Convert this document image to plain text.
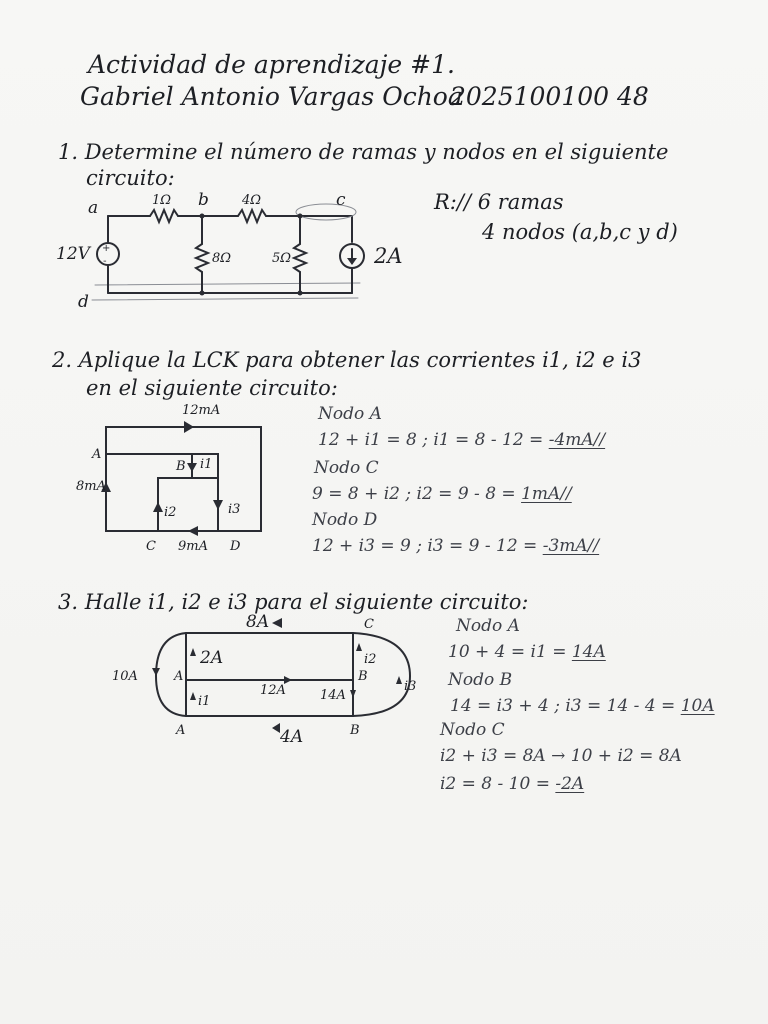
Actividad de aprendizaje #1.
Gabriel Antonio Vargas Ochoa
2025100100 48
1. Determine el número de ramas y nodos en el siguiente
circuito:
+
-
a	b	c
d
1Ω	4Ω
8Ω	5Ω
12V	2A
R:// 6 ramas
4 nodos (a,b,c y d)
2. Aplique la LCK para obtener las corrientes i1, i2 e i3
en el siguiente circuito:
12mA
8mA
9mA
i1
i2	i3
A
B
C	D
Nodo A
12 + i1 = 8 ; i1 = 8 - 12 = -4mA//
Nodo C
9 = 8 + i2 ; i2 = 9 - 8 = 1mA//
Nodo D
12 + i3 = 9 ; i3 = 9 - 12 = -3mA//
3. Halle i1, i2 e i3 para el siguiente circuito:
8A
10A
2A
12A	14A
4A
i1
i2
i3
A	B
C
A	B
Nodo A
10 + 4 = i1 = 14A
Nodo B
14 = i3 + 4 ; i3 = 14 - 4 = 10A
Nodo C
i2 + i3 = 8A → 10 + i2 = 8A
i2 = 8 - 10 = -2A
